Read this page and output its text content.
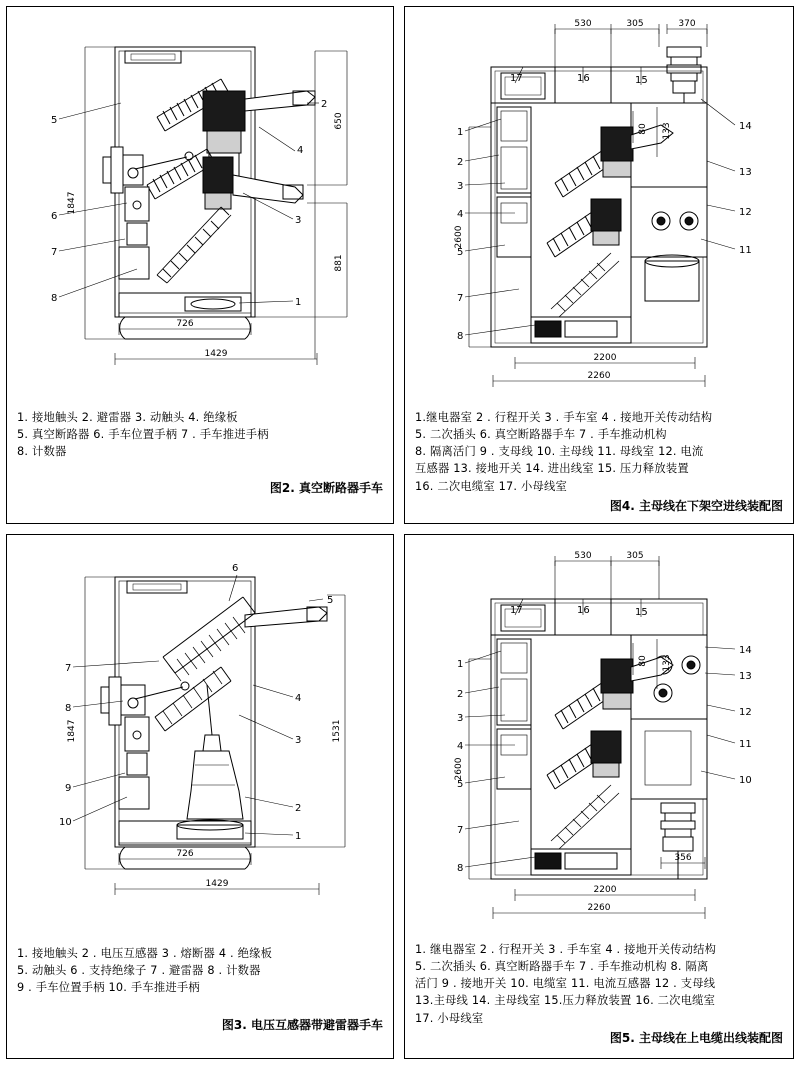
1847
650
881
726
1429
5
6
7
8
4
3
1
2
1. 接地触头 2. 避雷器 3. 动触头 4. 绝缘板
5. 真空断路器 6. 手车位置手柄 7 . 手车推进手柄
8. 计数器
图2. 真空断路器手车
530	305	370
80 133
2600
2200
2260
1
2
3
4
5
7
8
17	16	15
14
13
12
11
1.继电器室 2 . 行程开关 3 . 手车室 4 . 接地开关传动结构
5. 二次插头 6. 真空断路器手车 7 . 手车推动机构
8. 隔离活门 9 . 支母线 10. 主母线 11. 母线室 12. 电流
互感器 13. 接地开关 14. 进出线室 15. 压力释放装置
16. 二次电缆室 17. 小母线室
图4. 主母线在下架空进线装配图
1847	1531
726
1429
6
5
7
8
9
10
4
3
2
1
1. 接地触头 2 . 电压互感器 3 . 熔断器 4 . 绝缘板
5. 动触头 6 . 支持绝缘子 7 . 避雷器 8 . 计数器
9 . 手车位置手柄 10. 手车推进手柄
图3. 电压互感器带避雷器手车
530	305
80 133
2600
356
2200
2260
1
2
3
4
5
7
8
17	16	15
14
13
12
11
10
1. 继电器室 2 . 行程开关 3 . 手车室 4 . 接地开关传动结构
5. 二次插头 6. 真空断路器手车 7 . 手车推动机构 8. 隔离
活门 9 . 接地开关 10. 电缆室 11. 电流互感器 12 . 支母线
13.主母线 14. 主母线室 15.压力释放装置 16. 二次电缆室
17. 小母线室
图5. 主母线在上电缆出线装配图
